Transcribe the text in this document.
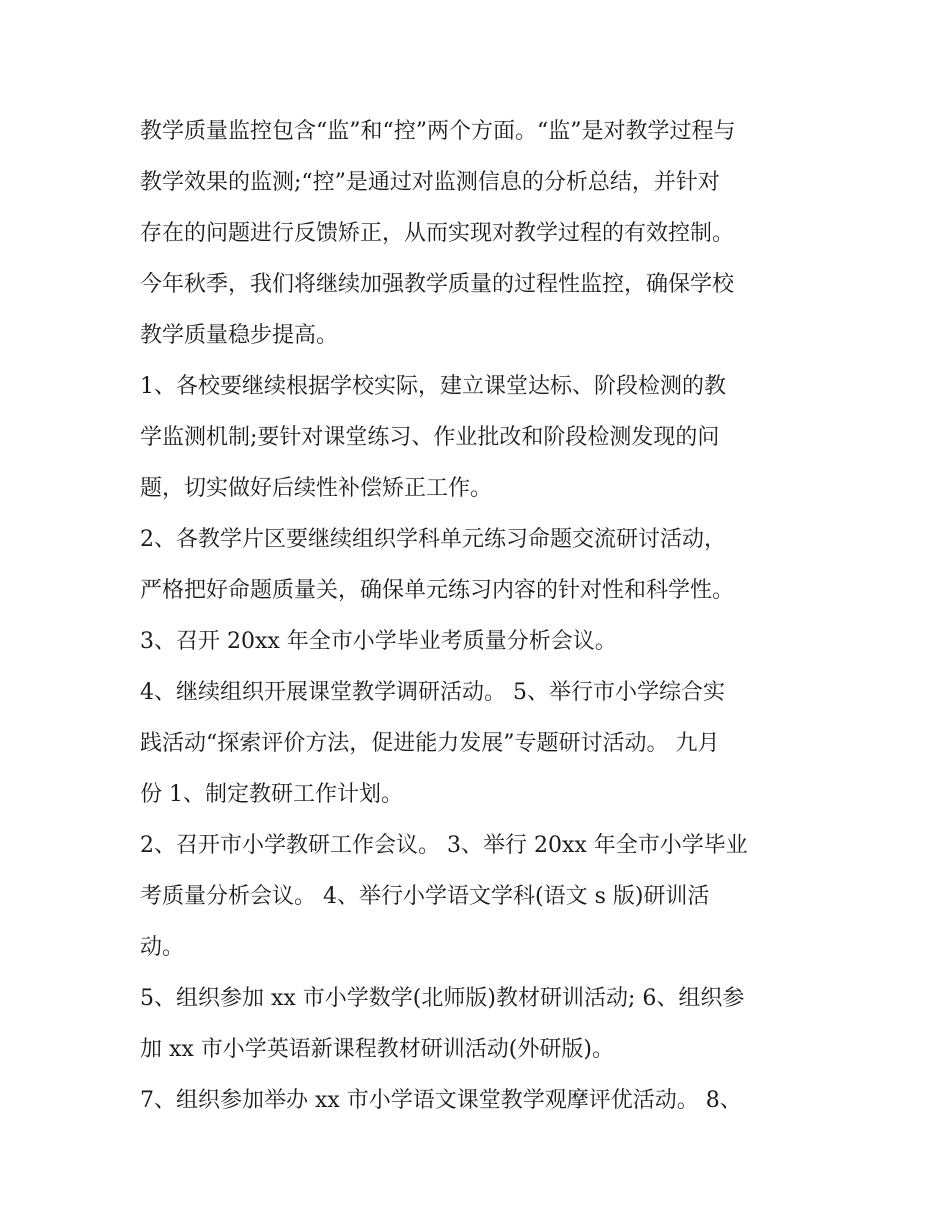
教学质量监控包含“监”和“控”两个方面。“监”是对教学过程与
教学效果的监测;“控”是通过对监测信息的分析总结，并针对
存在的问题进行反馈矫正，从而实现对教学过程的有效控制。
今年秋季，我们将继续加强教学质量的过程性监控，确保学校
教学质量稳步提高。
1、各校要继续根据学校实际，建立课堂达标、阶段检测的教
学监测机制;要针对课堂练习、作业批改和阶段检测发现的问
题，切实做好后续性补偿矫正工作。
2、各教学片区要继续组织学科单元练习命题交流研讨活动，
严格把好命题质量关，确保单元练习内容的针对性和科学性。
3、召开 20xx 年全市小学毕业考质量分析会议。
4、继续组织开展课堂教学调研活动。 5、举行市小学综合实
践活动“探索评价方法，促进能力发展”专题研讨活动。 九月
份 1、制定教研工作计划。
2、召开市小学教研工作会议。 3、举行 20xx 年全市小学毕业
考质量分析会议。 4、举行小学语文学科(语文 s 版)研训活
动。
5、组织参加 xx 市小学数学(北师版)教材研训活动; 6、组织参
加 xx 市小学英语新课程教材研训活动(外研版)。
7、组织参加举办 xx 市小学语文课堂教学观摩评优活动。 8、
